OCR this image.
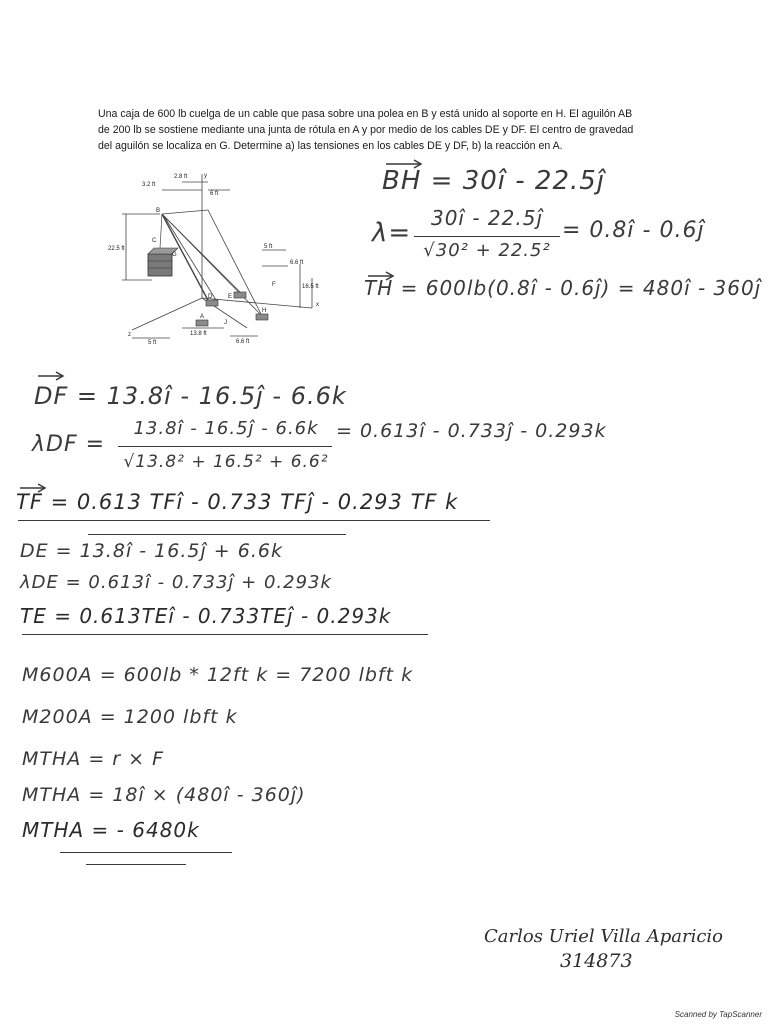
Una caja de 600 lb cuelga de un cable que pasa sobre una polea en B y está unido al soporte en H. El aguilón AB

de 200 lb se sostiene mediante una junta de rótula en A y por medio de los cables DE y DF. El centro de gravedad

del aguilón se localiza en G. Determine a) las tensiones en los cables DE y DF, b) la reacción en A.

3.2 ft
2.8 ft
6 ft
y
22.5 ft
B
C
G
5 ft
6.6 ft
16.5 ft
F
D	E
H
A
J
13.8 ft
z
5 ft	6.6 ft
x
BH = 30î - 22.5ĵ
λ= 30î - 22.5ĵ
√30² + 22.5²
= 0.8î - 0.6ĵ
TH = 600lb(0.8î - 0.6ĵ) = 480î - 360ĵ
DF = 13.8î - 16.5ĵ - 6.6k
λDF =
13.8î - 16.5ĵ - 6.6k
√13.8² + 16.5² + 6.6²
= 0.613î - 0.733ĵ - 0.293k
TF = 0.613 TFî - 0.733 TFĵ - 0.293 TF k
DE = 13.8î - 16.5ĵ + 6.6k
λDE = 0.613î - 0.733ĵ + 0.293k
TE = 0.613TEî - 0.733TEĵ - 0.293k
M600A = 600lb * 12ft k = 7200 lbft k
M200A = 1200 lbft k
MTHA = r × F
MTHA = 18î × (480î - 360ĵ)
MTHA = - 6480k
Carlos Uriel Villa Aparicio
314873
Scanned by TapScanner
